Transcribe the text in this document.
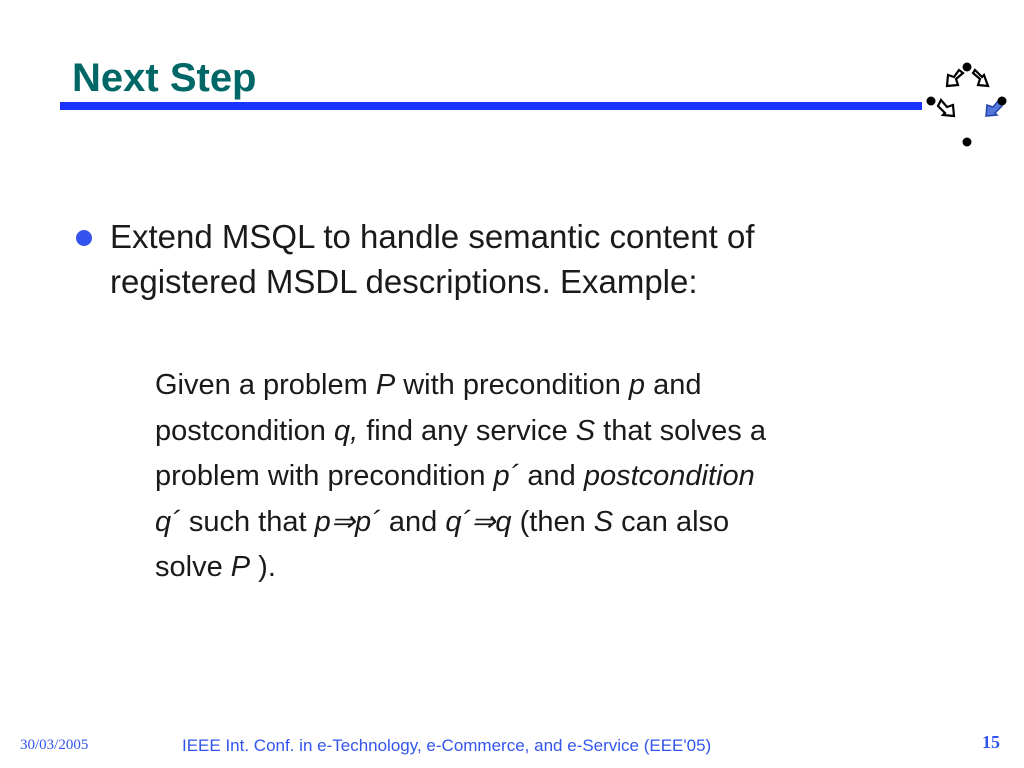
Next Step

Extend MSQL to handle semantic content of
registered MSDL descriptions. Example:

Given a problem P with precondition p and
postcondition q, find any service S that solves a
problem with precondition p´ and postcondition
q´ such that p⇒p´ and q´⇒q (then S can also
solve P ).

30/03/2005	IEEE Int. Conf. in e-Technology, e-Commerce, and e-Service (EEE'05)	15
